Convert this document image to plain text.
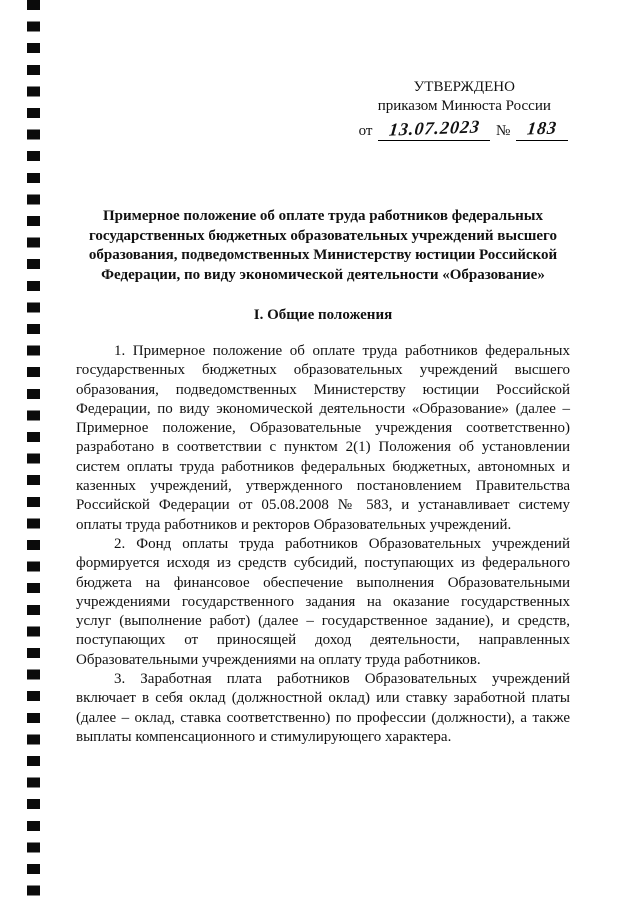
УТВЕРЖДЕНО
приказом Минюста России
от 13.07.2023 № 183
Примерное положение об оплате труда работников федеральных государственных бюджетных образовательных учреждений высшего образования, подведомственных Министерству юстиции Российской Федерации, по виду экономической деятельности «Образование»
I. Общие положения

1. Примерное положение об оплате труда работников федеральных государственных бюджетных образовательных учреждений высшего образования, подведомственных Министерству юстиции Российской Федерации, по виду экономической деятельности «Образование» (далее – Примерное положение, Образовательные учреждения соответственно) разработано в соответствии с пунктом 2(1) Положения об установлении систем оплаты труда работников федеральных бюджетных, автономных и казенных учреждений, утвержденного постановлением Правительства Российской Федерации от 05.08.2008 № 583, и устанавливает систему оплаты труда работников и ректоров Образовательных учреждений.

2. Фонд оплаты труда работников Образовательных учреждений формируется исходя из средств субсидий, поступающих из федерального бюджета на финансовое обеспечение выполнения Образовательными учреждениями государственного задания на оказание государственных услуг (выполнение работ) (далее – государственное задание), и средств, поступающих от приносящей доход деятельности, направленных Образовательными учреждениями на оплату труда работников.

3. Заработная плата работников Образовательных учреждений включает в себя оклад (должностной оклад) или ставку заработной платы (далее – оклад, ставка соответственно) по профессии (должности), а также выплаты компенсационного и стимулирующего характера.
